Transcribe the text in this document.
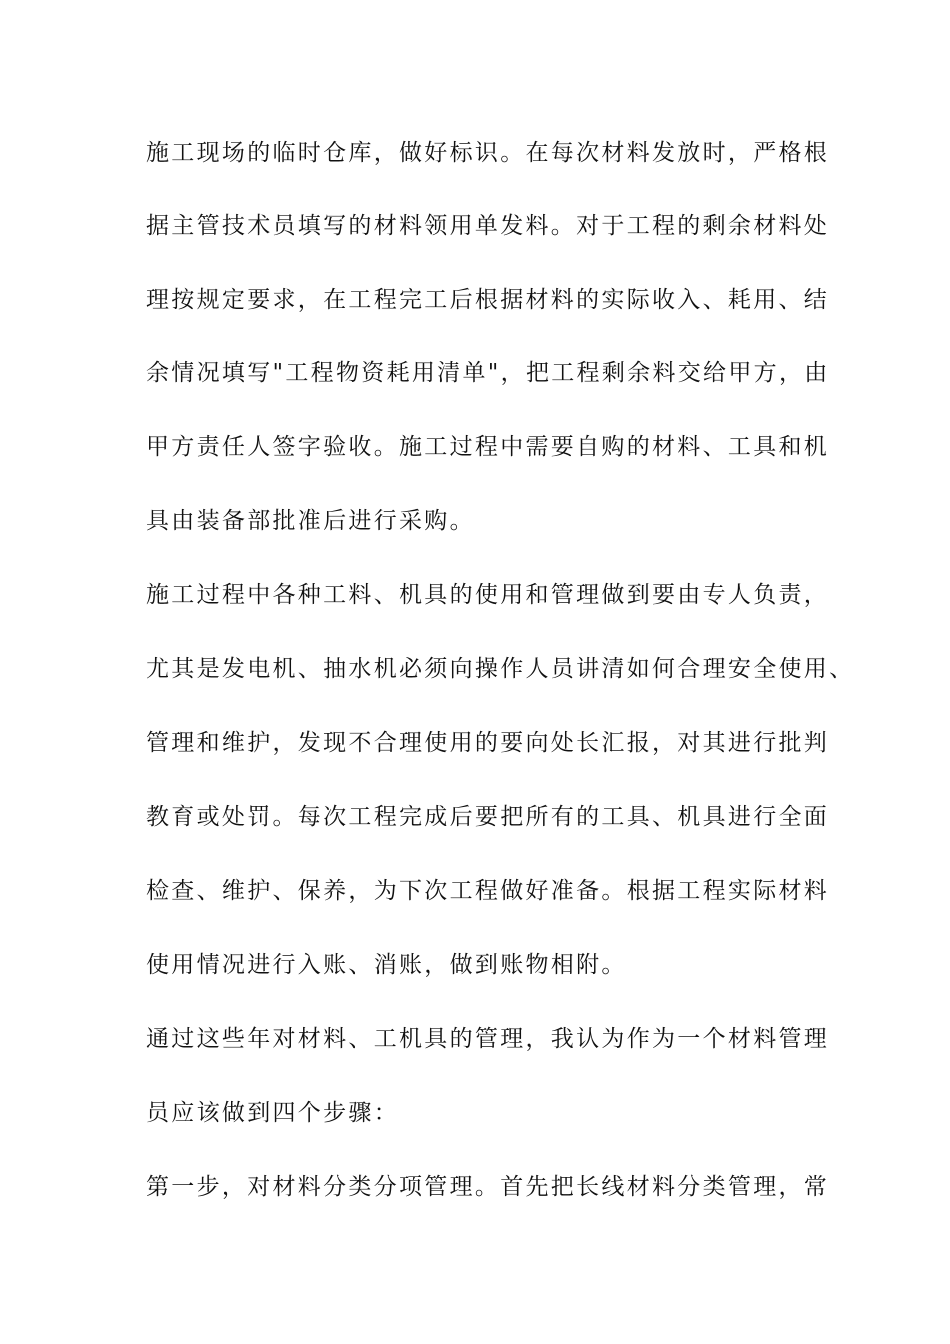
施工现场的临时仓库，做好标识。在每次材料发放时，严格根
据主管技术员填写的材料领用单发料。对于工程的剩余材料处
理按规定要求，在工程完工后根据材料的实际收入、耗用、结
余情况填写"工程物资耗用清单"，把工程剩余料交给甲方，由
甲方责任人签字验收。施工过程中需要自购的材料、工具和机
具由装备部批准后进行采购。
施工过程中各种工料、机具的使用和管理做到要由专人负责，
尤其是发电机、抽水机必须向操作人员讲清如何合理安全使用、
管理和维护，发现不合理使用的要向处长汇报，对其进行批判
教育或处罚。每次工程完成后要把所有的工具、机具进行全面
检查、维护、保养，为下次工程做好准备。根据工程实际材料
使用情况进行入账、消账，做到账物相附。
通过这些年对材料、工机具的管理，我认为作为一个材料管理
员应该做到四个步骤：
第一步，对材料分类分项管理。首先把长线材料分类管理，常
